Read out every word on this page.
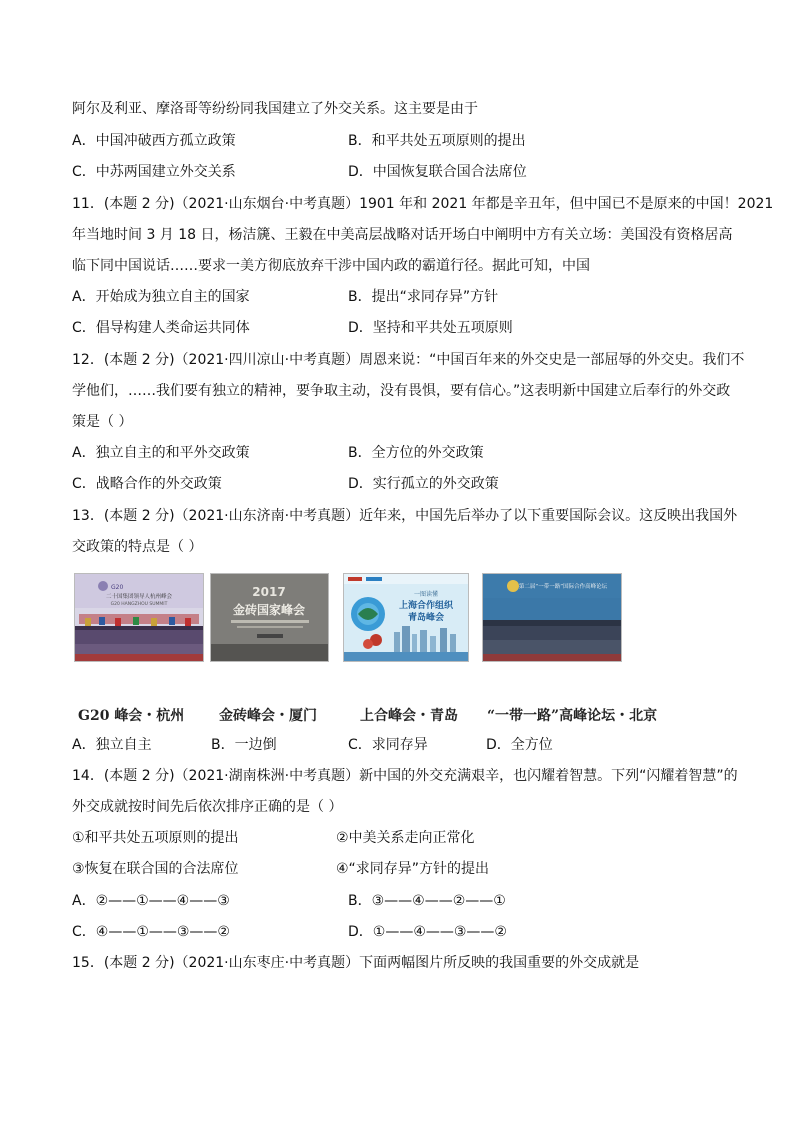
阿尔及利亚、摩洛哥等纷纷同我国建立了外交关系。这主要是由于
A．中国冲破西方孤立政策	B．和平共处五项原则的提出
C．中苏两国建立外交关系	D．中国恢复联合国合法席位
11．(本题 2 分)（2021·山东烟台·中考真题）1901 年和 2021 年都是辛丑年，但中国已不是原来的中国！2021
年当地时间 3 月 18 日，杨洁篪、王毅在中美高层战略对话开场白中阐明中方有关立场：美国没有资格居高
临下同中国说话……要求一美方彻底放弃干涉中国内政的霸道行径。据此可知，中国
A．开始成为独立自主的国家	B．提出“求同存异”方针
C．倡导构建人类命运共同体	D．坚持和平共处五项原则
12．(本题 2 分)（2021·四川凉山·中考真题）周恩来说：“中国百年来的外交史是一部屈辱的外交史。我们不
学他们，……我们要有独立的精神，要争取主动，没有畏惧，要有信心。”这表明新中国建立后奉行的外交政
策是（ ）
A．独立自主的和平外交政策	B．全方位的外交政策
C．战略合作的外交政策	D．实行孤立的外交政策
13．(本题 2 分)（2021·山东济南·中考真题）近年来，中国先后举办了以下重要国际会议。这反映出我国外
交政策的特点是（ ）
G20
二十国集团领导人杭州峰会
G20 HANGZHOU SUMMIT
2017
金砖国家峰会
一图读懂
上海合作组织
青岛峰会
第二届“一带一路”国际合作高峰论坛
G20 峰会・杭州 金砖峰会・厦门	上合峰会・青岛 “一带一路”高峰论坛・北京
A．独立自主	B．一边倒	C．求同存异	D．全方位
14．(本题 2 分)（2021·湖南株洲·中考真题）新中国的外交充满艰辛，也闪耀着智慧。下列“闪耀着智慧”的
外交成就按时间先后依次排序正确的是（ ）
①和平共处五项原则的提出	②中美关系走向正常化
③恢复在联合国的合法席位	④“求同存异”方针的提出
A．②——①——④——③	B．③——④——②——①
C．④——①——③——②	D．①——④——③——②
15．(本题 2 分)（2021·山东枣庄·中考真题）下面两幅图片所反映的我国重要的外交成就是
